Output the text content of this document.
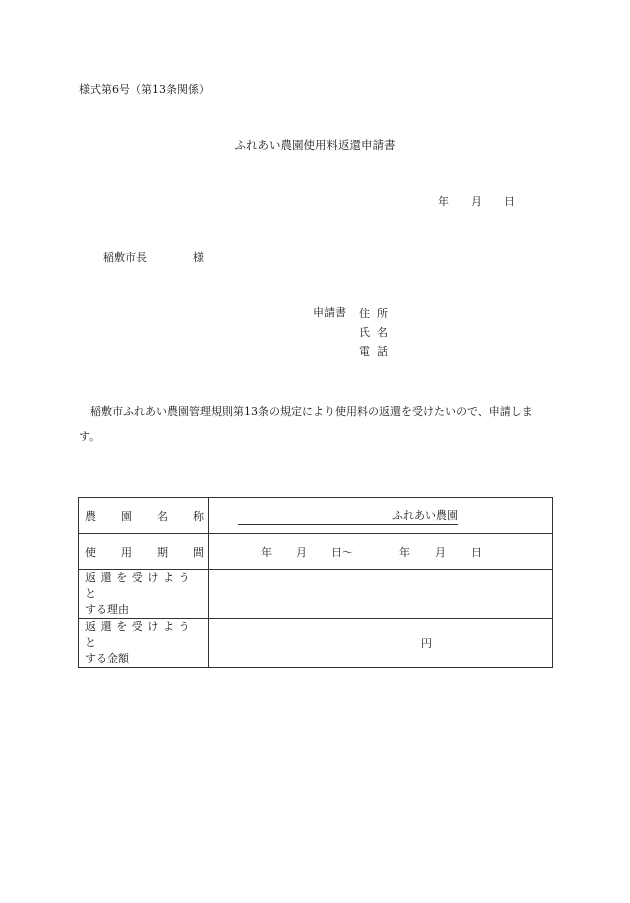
様式第6号（第13条関係）
ふれあい農園使用料返還申請書
年 月 日
稲敷市長	様
申請書 住所
氏名
電話
稲敷市ふれあい農園管理規則第13条の規定により使用料の返還を受けたいので、申請します。
農 園 名 称	ふれあい農園

使 用 期 間	年 月 日〜 年 月 日

返還を受けようと
する理由	

返還を受けようと
する金額	円
